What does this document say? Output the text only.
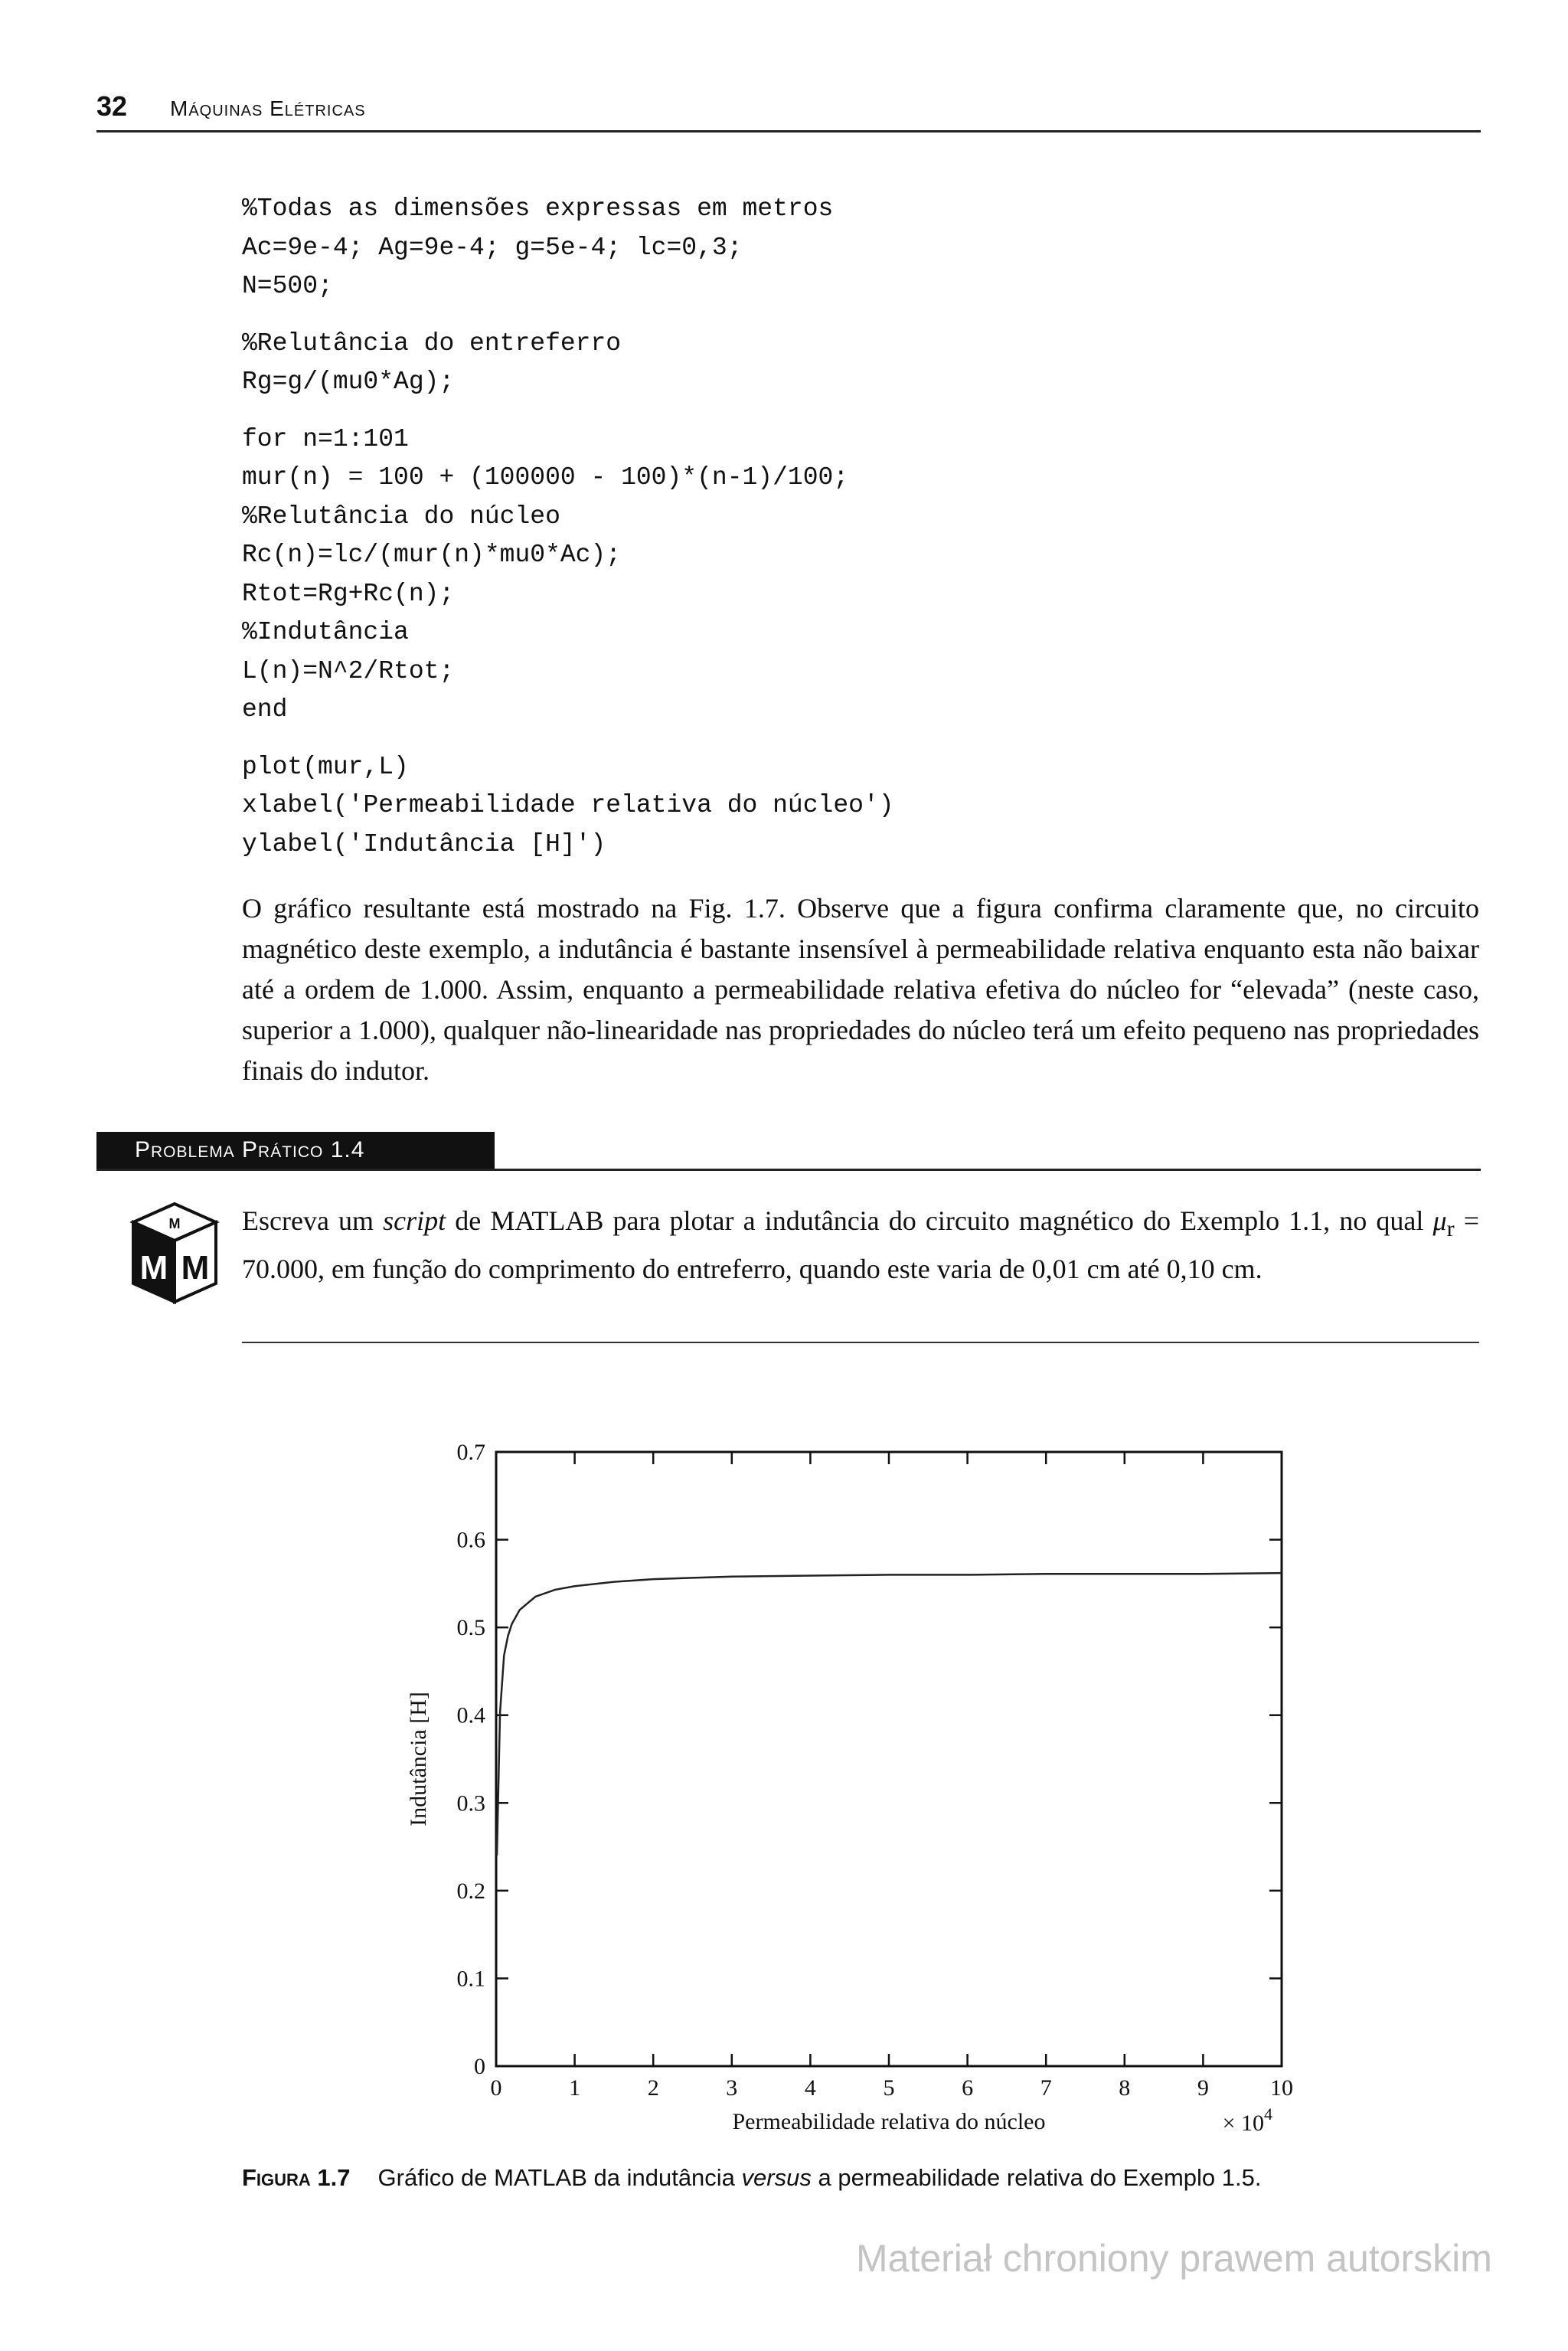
32 Máquinas Elétricas
%Todas as dimensões expressas em metros
Ac=9e-4; Ag=9e-4; g=5e-4; lc=0,3;
N=500;
%Relutância do entreferro
Rg=g/(mu0*Ag);
for n=1:101
mur(n) = 100 + (100000 - 100)*(n-1)/100;
%Relutância do núcleo
Rc(n)=lc/(mur(n)*mu0*Ac);
Rtot=Rg+Rc(n);
%Indutância
L(n)=N^2/Rtot;
end
plot(mur,L)
xlabel('Permeabilidade relativa do núcleo')
ylabel('Indutância [H]')

O gráfico resultante está mostrado na Fig. 1.7. Observe que a figura confirma claramente que, no circuito magnético deste exemplo, a indutância é bastante insensível à permeabilidade relativa enquanto esta não baixar até a ordem de 1.000. Assim, enquanto a permeabilidade relativa efetiva do núcleo for “elevada” (neste caso, superior a 1.000), qualquer não-linearidade nas propriedades do núcleo terá um efeito pequeno nas propriedades finais do indutor.

Problema Prático 1.4
M M
M Escreva um script de MATLAB para plotar a indutância do circuito magnético do Exemplo 1.1, no qual $\mu_r = 70.000$, em função do comprimento do entreferro, quando este varia de 0,01 cm até 0,10 cm.

0
0.1
0.2
0.3
0.4
0.5
0.6
0.7
0	1	2	3	4	5	6	7	8	9	10
Permeabilidade relativa do núcleo	× $10^4$
Indutância [H]
Figura 1.7 Gráfico de MATLAB da indutância versus a permeabilidade relativa do Exemplo 1.5.
Materiał chroniony prawem autorskim
